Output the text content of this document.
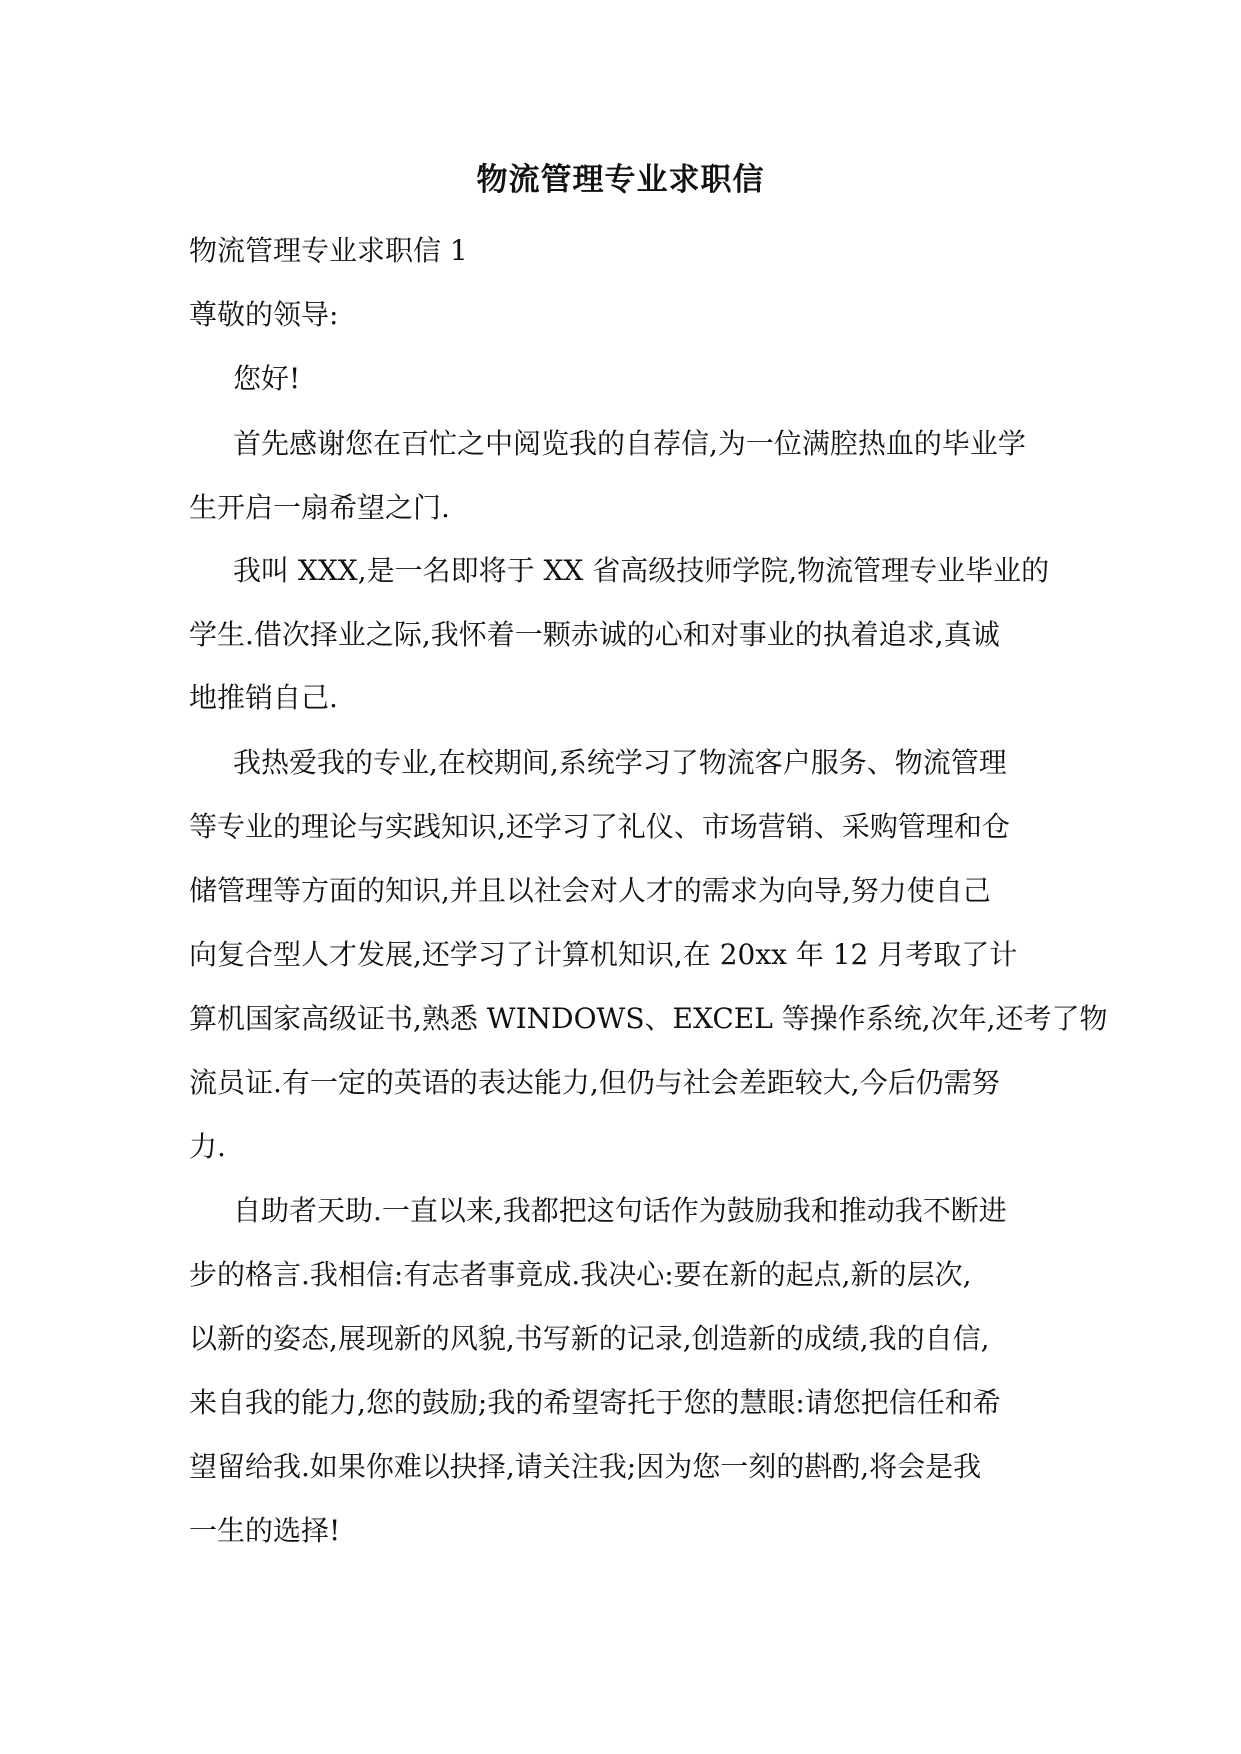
物流管理专业求职信
物流管理专业求职信 1
尊敬的领导:
您好!
首先感谢您在百忙之中阅览我的自荐信,为一位满腔热血的毕业学
生开启一扇希望之门.
我叫 XXX,是一名即将于 XX 省高级技师学院,物流管理专业毕业的
学生.借次择业之际,我怀着一颗赤诚的心和对事业的执着追求,真诚
地推销自己.
我热爱我的专业,在校期间,系统学习了物流客户服务、物流管理
等专业的理论与实践知识,还学习了礼仪、市场营销、采购管理和仓
储管理等方面的知识,并且以社会对人才的需求为向导,努力使自己
向复合型人才发展,还学习了计算机知识,在 20xx 年 12 月考取了计
算机国家高级证书,熟悉 WINDOWS、EXCEL 等操作系统,次年,还考了物
流员证.有一定的英语的表达能力,但仍与社会差距较大,今后仍需努
力.
自助者天助.一直以来,我都把这句话作为鼓励我和推动我不断进
步的格言.我相信:有志者事竟成.我决心:要在新的起点,新的层次,
以新的姿态,展现新的风貌,书写新的记录,创造新的成绩,我的自信,
来自我的能力,您的鼓励;我的希望寄托于您的慧眼:请您把信任和希
望留给我.如果你难以抉择,请关注我;因为您一刻的斟酌,将会是我
一生的选择!
